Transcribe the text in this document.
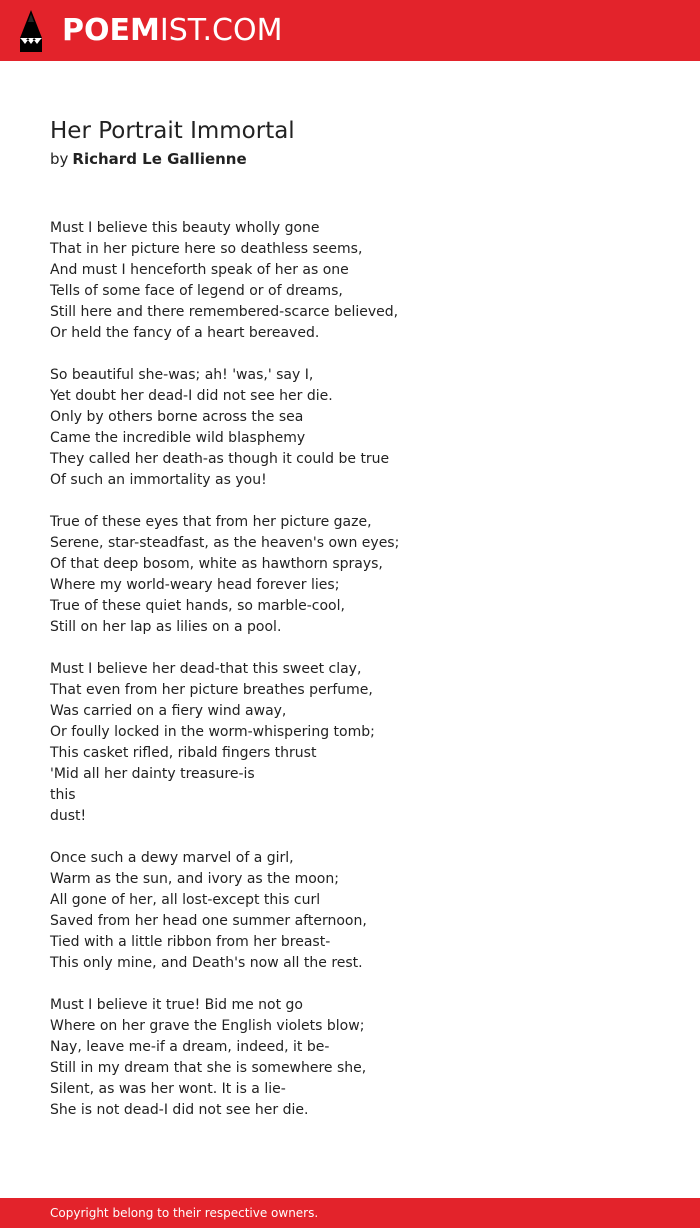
POEMIST.COM
Her Portrait Immortal
by Richard Le Gallienne
Must I believe this beauty wholly gone
That in her picture here so deathless seems,
And must I henceforth speak of her as one
Tells of some face of legend or of dreams,
Still here and there remembered-scarce believed,
Or held the fancy of a heart bereaved.
So beautiful she-was; ah! 'was,' say I,
Yet doubt her dead-I did not see her die.
Only by others borne across the sea
Came the incredible wild blasphemy
They called her death-as though it could be true
Of such an immortality as you!
True of these eyes that from her picture gaze,
Serene, star-steadfast, as the heaven's own eyes;
Of that deep bosom, white as hawthorn sprays,
Where my world-weary head forever lies;
True of these quiet hands, so marble-cool,
Still on her lap as lilies on a pool.
Must I believe her dead-that this sweet clay,
That even from her picture breathes perfume,
Was carried on a fiery wind away,
Or foully locked in the worm-whispering tomb;
This casket rifled, ribald fingers thrust
'Mid all her dainty treasure-is
this
dust!
Once such a dewy marvel of a girl,
Warm as the sun, and ivory as the moon;
All gone of her, all lost-except this curl
Saved from her head one summer afternoon,
Tied with a little ribbon from her breast-
This only mine, and Death's now all the rest.
Must I believe it true! Bid me not go
Where on her grave the English violets blow;
Nay, leave me-if a dream, indeed, it be-
Still in my dream that she is somewhere she,
Silent, as was her wont. It is a lie-
She is not dead-I did not see her die.
Copyright belong to their respective owners.
